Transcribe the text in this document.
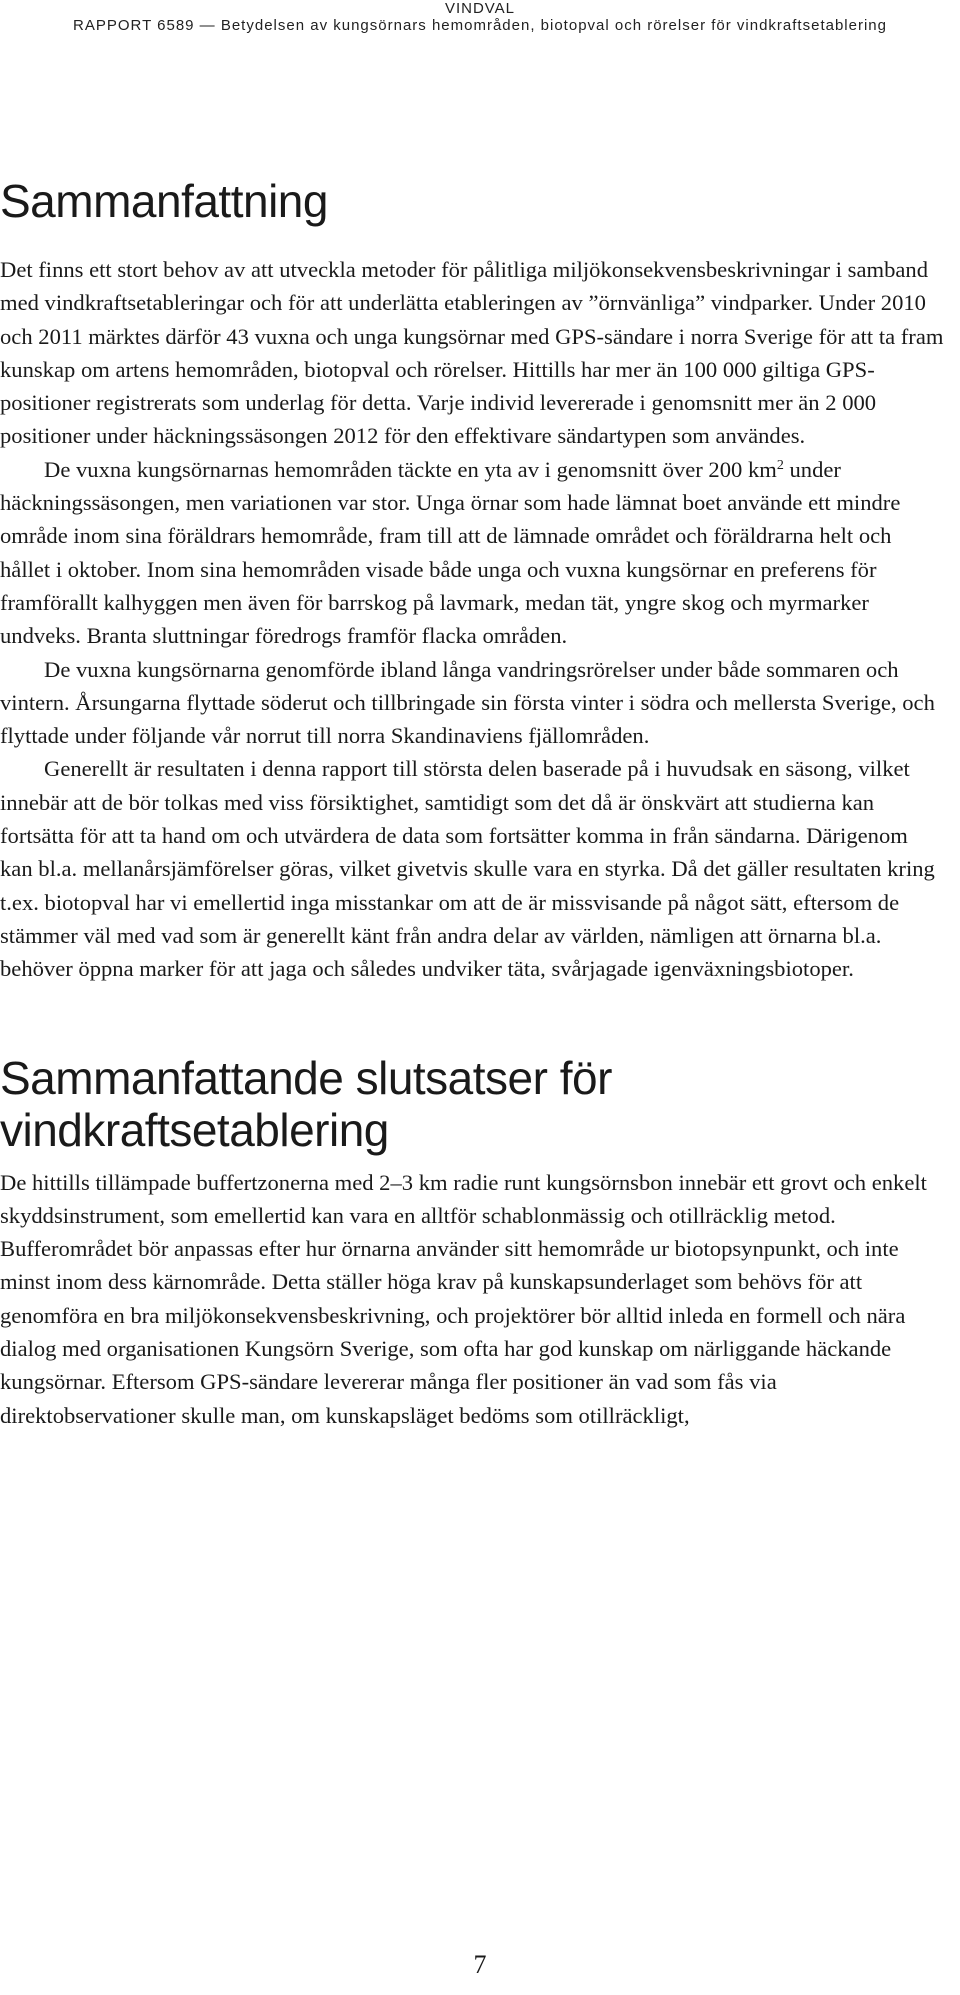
VINDVAL
RAPPORT 6589 — Betydelsen av kungsörnars hemområden, biotopval och rörelser för vindkraftsetablering
Sammanfattning

Det finns ett stort behov av att utveckla metoder för pålitliga miljökonsekvensbeskrivningar i samband med vindkraftsetableringar och för att underlätta etableringen av ”örnvänliga” vindparker. Under 2010 och 2011 märktes därför 43 vuxna och unga kungsörnar med GPS-sändare i norra Sverige för att ta fram kunskap om artens hemområden, biotopval och rörelser. Hittills har mer än 100 000 giltiga GPS-positioner registrerats som underlag för detta. Varje individ levererade i genomsnitt mer än 2 000 positioner under häckningssäsongen 2012 för den effektivare sändartypen som användes.

De vuxna kungsörnarnas hemområden täckte en yta av i genomsnitt över 200 $km^2$ under häckningssäsongen, men variationen var stor. Unga örnar som hade lämnat boet använde ett mindre område inom sina föräldrars hemområde, fram till att de lämnade området och föräldrarna helt och hållet i oktober. Inom sina hemområden visade både unga och vuxna kungsörnar en preferens för framförallt kalhyggen men även för barrskog på lavmark, medan tät, yngre skog och myrmarker undveks. Branta sluttningar föredrogs framför flacka områden.

De vuxna kungsörnarna genomförde ibland långa vandringsrörelser under både sommaren och vintern. Årsungarna flyttade söderut och tillbringade sin första vinter i södra och mellersta Sverige, och flyttade under följande vår norrut till norra Skandinaviens fjällområden.

Generellt är resultaten i denna rapport till största delen baserade på i huvudsak en säsong, vilket innebär att de bör tolkas med viss försiktighet, samtidigt som det då är önskvärt att studierna kan fortsätta för att ta hand om och utvärdera de data som fortsätter komma in från sändarna. Därigenom kan bl.a. mellanårsjämförelser göras, vilket givetvis skulle vara en styrka. Då det gäller resultaten kring t.ex. biotopval har vi emellertid inga misstankar om att de är missvisande på något sätt, eftersom de stämmer väl med vad som är generellt känt från andra delar av världen, nämligen att örnarna bl.a. behöver öppna marker för att jaga och således undviker täta, svårjagade igenväxningsbiotoper.

Sammanfattande slutsatser för vindkraftsetablering

De hittills tillämpade buffertzonerna med 2–3 km radie runt kungsörnsbon innebär ett grovt och enkelt skyddsinstrument, som emellertid kan vara en alltför schablonmässig och otillräcklig metod. Bufferområdet bör anpassas efter hur örnarna använder sitt hemområde ur biotopsynpunkt, och inte minst inom dess kärnområde. Detta ställer höga krav på kunskapsunderlaget som behövs för att genomföra en bra miljökonsekvensbeskrivning, och projektörer bör alltid inleda en formell och nära dialog med organisationen Kungsörn Sverige, som ofta har god kunskap om närliggande häckande kungsörnar. Eftersom GPS-sändare levererar många fler positioner än vad som fås via direktobservationer skulle man, om kunskapsläget bedöms som otillräckligt,

7
